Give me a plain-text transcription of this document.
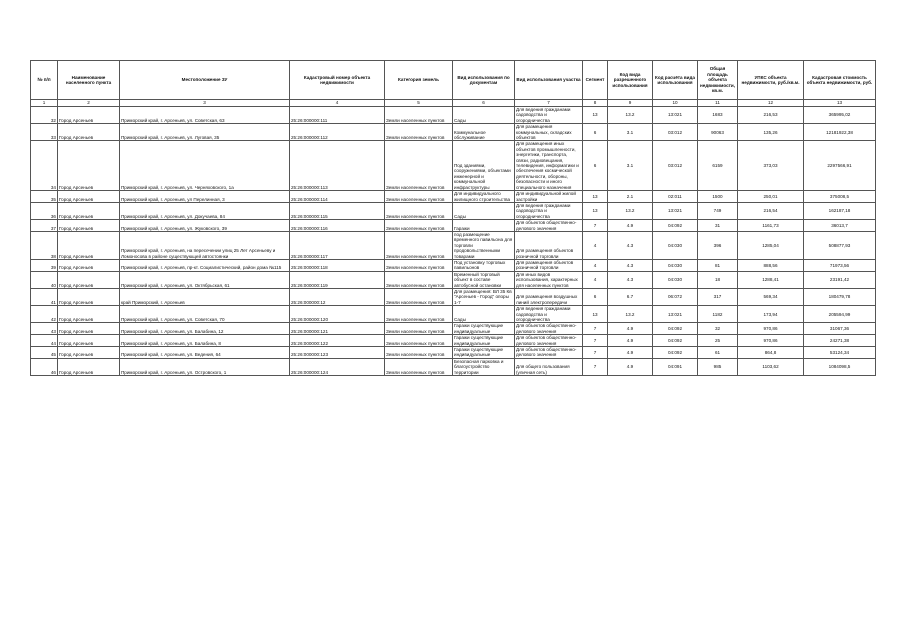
№ п/п	Наименование населенного пункта	Местоположение ЗУ	Кадастровый номер объекта недвижимости	Категория земель	Вид использования по документам	Вид использования участка	Сегмент	Код вида разрешенного использования	Код расчёта вида использования	Общая площадь объекта недвижимости, кв.м.	УПКС объекта недвижимости, руб./кв.м.	Кадастровая стоимость объекта недвижимости, руб.
1	2	3	4	5	6	7	8	9	10	11	12	13
32	Город Арсеньев	Приморский край, г. Арсеньев, ул. Советская, 63	25:26:000000:111	Земли населенных пунктов	Сады	Для ведения гражданами садоводства и огородничества	13	13.2	13:021	1683	216,53	365995,02
33	Город Арсеньев	Приморский край, г. Арсеньев, ул. Луговая, 35	25:26:000000:112	Земли населенных пунктов	Коммунальное обслуживание	Для размещения коммунальных, складских объектов	6	3.1	03:012	90063	135,26	12181922,38
34	Город Арсеньев	Приморский край, г. Арсеньев, ул. Черняховского, 1а	25:26:000000:113	Земли населенных пунктов	Под зданиями, сооружениями, объектами инженерной и коммунальной инфраструктуры	Для размещения иных объектов промышленности, энергетики, транспорта, связи, радиовещания, телевидения, информатики и обеспечения космической деятельности, обороны, безопасности и иного специального назначения	6	3.1	03:012	6159	373,03	2297566,91
35	Город Арсеньев	Приморский край, г. Арсеньев, ул Перелинная, 3	25:26:000000:114	Земли населенных пунктов	Для индивидуального жилищного строительства	Для индивидуальной жилой застройки	13	2.1	02:011	1500	250,01	375008,5
36	Город Арсеньев	Приморский край, г. Арсеньев, ул. Докучаева, 84	25:26:000000:115	Земли населенных пунктов	Сады	Для ведения гражданами садоводства и огородничества	13	13.2	13:021	749	216,54	162187,18
37	Город Арсеньев	Приморский край, г. Арсеньев, ул. Жуковского, 39	25:26:000000:116	Земли населенных пунктов	Гаражи	Для объектов общественно-делового значения	7	4.9	04:092	31	1161,73	36013,7
38	Город Арсеньев	Приморский край, г. Арсеньев, на пересечении улиц 25 Лет Арсеньеву и Ломоносова в районе существующей автостоянки	25:26:000000:117	Земли населенных пунктов	под размещение временного павильона для торговли продовольственными товарами	Для размещения объектов розничной торговли	4	4.3	04:030	396	1285,04	508877,93
39	Город Арсеньев	Приморский край, г. Арсеньев, пр-кт. Социалистический, район дома №115	25:26:000000:118	Земли населенных пунктов	Под установку торговых павильонов	Для размещения объектов розничной торговли	4	4.3	04:030	81	888,56	71973,56
40	Город Арсеньев	Приморский край, г. Арсеньев, ул. Октябрьская, 61	25:26:000000:119	Земли населенных пунктов	Временный торговый объект в составе автобусной остановки	Для иных видов использования, характерных для населенных пунктов	4	4.3	04:030	18	1288,41	23191,42
41	Город Арсеньев	край Приморский, г. Арсеньев	25:26:000000:12	Земли населенных пунктов	Для размещения: ВЛ 35 Кв "Арсеньев - Город" опоры 1-7	Для размещения воздушных линий электропередачи	6	6.7	06:072	317	569,34	180479,78
42	Город Арсеньев	Приморский край, г. Арсеньев, ул. Советская, 70	25:26:000000:120	Земли населенных пунктов	Сады	Для ведения гражданами садоводства и огородничества	13	13.2	13:021	1182	173,94	205594,99
43	Город Арсеньев	Приморский край, г. Арсеньев, ул. Балабина, 12	25:26:000000:121	Земли населенных пунктов	Гаражи существующие индивидуальные	Для объектов общественно-делового значения	7	4.9	04:092	32	970,86	31067,36
44	Город Арсеньев	Приморский край, г. Арсеньев, ул. Балабина, 8	25:26:000000:122	Земли населенных пунктов	Гаражи существующие индивидуальные	Для объектов общественно-делового значения	7	4.9	04:092	25	970,86	24271,38
45	Город Арсеньев	Приморский край, г. Арсеньев, ул. Ведения, 64	25:26:000000:123	Земли населенных пунктов	Гаражи существующие индивидуальные	Для объектов общественно-делового значения	7	4.9	04:092	61	864,8	53124,34
46	Город Арсеньев	Приморский край, г. Арсеньев, ул. Островского, 1	25:26:000000:124	Земли населенных пунктов	Безопасная парковка и благоустройство территории	Для общего пользования (уличная сеть)	7	4.9	04:091	985	1103,62	1084098,5
